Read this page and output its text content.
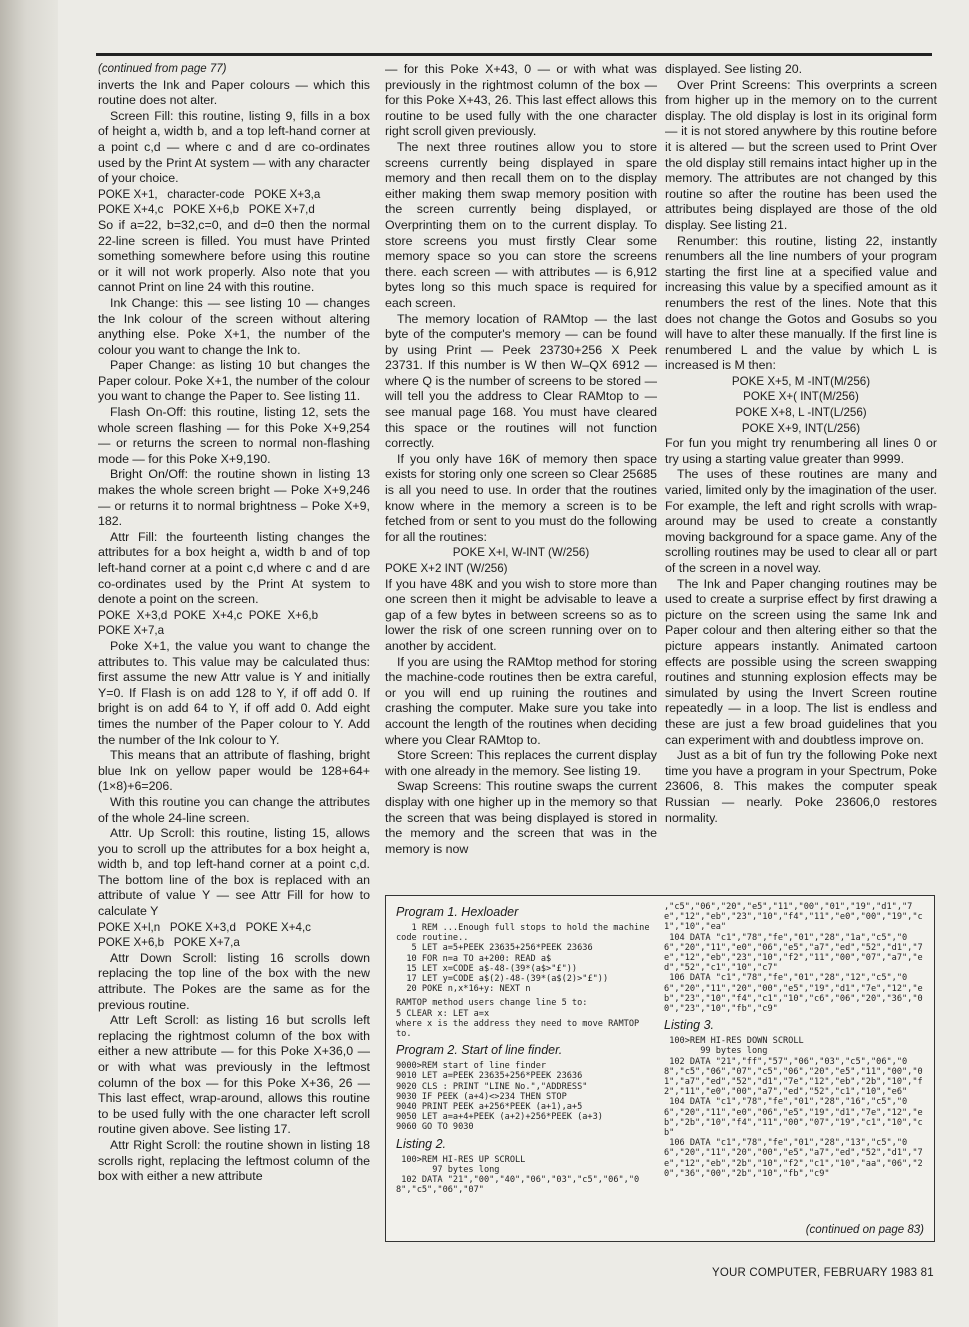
(continued from page 77)

inverts the Ink and Paper colours — which this routine does not alter.

Screen Fill: this routine, listing 9, fills in a box of height a, width b, and a top left-hand corner at a point c,d — where c and d are co-ordinates used by the Print At system — with any character of your choice.

POKE X+1,   character-code   POKE X+3,a
POKE X+4,c   POKE X+6,b   POKE X+7,d

So if a=22, b=32,c=0, and d=0 then the normal 22-line screen is filled. You must have Printed something somewhere before using this routine or it will not work properly. Also note that you cannot Print on line 24 with this routine.

Ink Change: this — see listing 10 — changes the Ink colour of the screen without altering anything else. Poke X+1, the number of the colour you want to change the Ink to.

Paper Change: as listing 10 but changes the Paper colour. Poke X+1, the number of the colour you want to change the Paper to. See listing 11.

Flash On-Off: this routine, listing 12, sets the whole screen flashing — for this Poke X+9,254 — or returns the screen to normal non-flashing mode — for this Poke X+9,190.

Bright On/Off: the routine shown in listing 13 makes the whole screen bright — Poke X+9,246 — or returns it to normal brightness – Poke X+9, 182.

Attr Fill: the fourteenth listing changes the attributes for a box height a, width b and of top left-hand corner at a point c,d where c and d are co-ordinates used by the Print At system to denote a point on the screen.

POKE  X+3,d  POKE  X+4,c  POKE  X+6,b
POKE X+7,a

Poke X+1, the value you want to change the attributes to. This value may be calculated thus: first assume the new Attr value is Y and initially Y=0. If Flash is on add 128 to Y, if off add 0. If bright is on add 64 to Y, if off add 0. Add eight times the number of the Paper colour to Y. Add the number of the Ink colour to Y.

This means that an attribute of flashing, bright blue Ink on yellow paper would be 128+64+(1×8)+6=206.

With this routine you can change the attributes of the whole 24-line screen.

Attr. Up Scroll: this routine, listing 15, allows you to scroll up the attributes for a box height a, width b, and top left-hand corner at a point c,d. The bottom line of the box is replaced with an attribute of value Y — see Attr Fill for how to calculate Y

POKE X+l,n   POKE X+3,d   POKE X+4,c
POKE X+6,b   POKE X+7,a

Attr Down Scroll: listing 16 scrolls down replacing the top line of the box with the new attribute. The Pokes are the same as for the previous routine.

Attr Left Scroll: as listing 16 but scrolls left replacing the rightmost column of the box with either a new attribute — for this Poke X+36,0 — or with what was previously in the leftmost column of the box — for this Poke X+36, 26 — This last effect, wrap-around, allows this routine to be used fully with the one character left scroll routine given above. See listing 17.

Attr Right Scroll: the routine shown in listing 18 scrolls right, replacing the leftmost column of the box with either a new attribute

— for this Poke X+43, 0 — or with what was previously in the rightmost column of the box — for this Poke X+43, 26. This last effect allows this routine to be used fully with the one character right scroll given previously.

The next three routines allow you to store screens currently being displayed in spare memory and then recall them on to the display either making them swap memory position with the screen currently being displayed, or Overprinting them on to the current display. To store screens you must firstly Clear some memory space so you can store the screens there. each screen — with attributes — is 6,912 bytes long so this much space is required for each screen.

The memory location of RAMtop — the last byte of the computer's memory — can be found by using Print — Peek 23730+256 X Peek 23731. If this number is W then W–QX 6912 — where Q is the number of screens to be stored — will tell you the address to Clear RAMtop to — see manual page 168. You must have cleared this space or the routines will not function correctly.

If you only have 16K of memory then space exists for storing only one screen so Clear 25685 is all you need to use. In order that the routines know where in the memory a screen is to be fetched from or sent to you must do the following for all the routines:

POKE X+l, W-INT (W/256)

POKE X+2 INT (W/256)

If you have 48K and you wish to store more than one screen then it might be advisable to leave a gap of a few bytes in between screens so as to lower the risk of one screen running over on to another by accident.

If you are using the RAMtop method for storing the machine-code routines then be extra careful, or you will end up ruining the routines and crashing the computer. Make sure you take into account the length of the routines when deciding where you Clear RAMtop to.

Store Screen: This replaces the current display with one already in the memory. See listing 19.

Swap Screens: This routine swaps the current display with one higher up in the memory so that the screen that was being displayed is stored in the memory and the screen that was in the memory is now

displayed. See listing 20.

Over Print Screens: This overprints a screen from higher up in the memory on to the current display. The old display is lost in its original form — it is not stored anywhere by this routine before it is altered — but the screen used to Print Over the old display still remains intact higher up in the memory. The attributes are not changed by this routine so after the routine has been used the attributes being displayed are those of the old display. See listing 21.

Renumber: this routine, listing 22, instantly renumbers all the line numbers of your program starting the first line at a specified value and increasing this value by a specified amount as it renumbers the rest of the lines. Note that this does not change the Gotos and Gosubs so you will have to alter these manually. If the first line is renumbered L and the value by which L is increased is M then:

POKE X+5, M -INT(M/256)
POKE X+( INT(M/256)
POKE X+8, L -INT(L/256)
POKE X+9, INT(L/256)

For fun you might try renumbering all lines 0 or try using a starting value greater than 9999.

The uses of these routines are many and varied, limited only by the imagination of the user. For example, the left and right scrolls with wrap-around may be used to create a constantly moving background for a space game. Any of the scrolling routines may be used to clear all or part of the screen in a novel way.

The Ink and Paper changing routines may be used to create a surprise effect by first drawing a picture on the screen using the same Ink and Paper colour and then altering either so that the picture appears instantly. Animated cartoon effects are possible using the screen swapping routines and stunning explosion effects may be simulated by using the Invert Screen routine repeatedly — in a loop. The list is endless and these are just a few broad guidelines that you can experiment with and doubtless improve on.

Just as a bit of fun try the following Poke next time you have a program in your Spectrum, Poke 23606, 8. This makes the computer speak Russian — nearly. Poke 23606,0 restores normality.

Program 1. Hexloader
1 REM ...Enough full stops to hold the machine code routine..
5 LET a=5+PEEK 23635+256*PEEK 23636
10 FOR n=a TO a+200: READ a$
15 LET x=CODE a$-48-(39*(a$>"£"))
17 LET y=CODE a$(2)-48-(39*(a$(2)>"£"))
20 POKE n,x*16+y: NEXT n
RAMTOP method users change line 5 to:
5 CLEAR x: LET a=x
where x is the address they need to move RAMTOP to.
Program 2. Start of line finder.
9000>REM start of line finder
9010 LET a=PEEK 23635+256*PEEK 23636
9020 CLS : PRINT "LINE No.","ADDRESS"
9030 IF PEEK (a+4)<>234 THEN STOP
9040 PRINT PEEK a+256*PEEK (a+1),a+5
9050 LET a=a+4+PEEK (a+2)+256*PEEK (a+3)
9060 GO TO 9030
Listing 2.
100>REM HI-RES UP SCROLL
97 bytes long
102 DATA "21","00","40","06","03","c5","06","08","c5","06","07"
,"c5","06","20","e5","11","00","01","19","d1","7e","12","eb","23","10","f4","11","e0","00","19","c1","10","ea"
104 DATA "c1","78","fe","01","28","1a","c5","06","20","11","e0","06","e5","a7","ed","52","d1","7e","12","eb","23","10","f2","11","00","07","a7","ed","52","c1","10","c7"
106 DATA "c1","78","fe","01","28","12","c5","06","20","11","20","00","e5","19","d1","7e","12","eb","23","10","f4","c1","10","c6","06","20","36","00","23","10","fb","c9"
Listing 3.
100>REM HI-RES DOWN SCROLL
99 bytes long
102 DATA "21","ff","57","06","03","c5","06","08","c5","06","07","c5","06","20","e5","11","00","01","a7","ed","52","d1","7e","12","eb","2b","10","f2","11","e0","00","a7","ed","52","c1","10","e6"
104 DATA "c1","78","fe","01","28","16","c5","06","20","11","e0","06","e5","19","d1","7e","12","eb","2b","10","f4","11","00","07","19","c1","10","cb"
106 DATA "c1","78","fe","01","28","13","c5","06","20","11","20","00","e5","a7","ed","52","d1","7e","12","eb","2b","10","f2","c1","10","aa","06","20","36","00","2b","10","fb","c9"
(continued on page 83)
YOUR COMPUTER, FEBRUARY 1983 81
